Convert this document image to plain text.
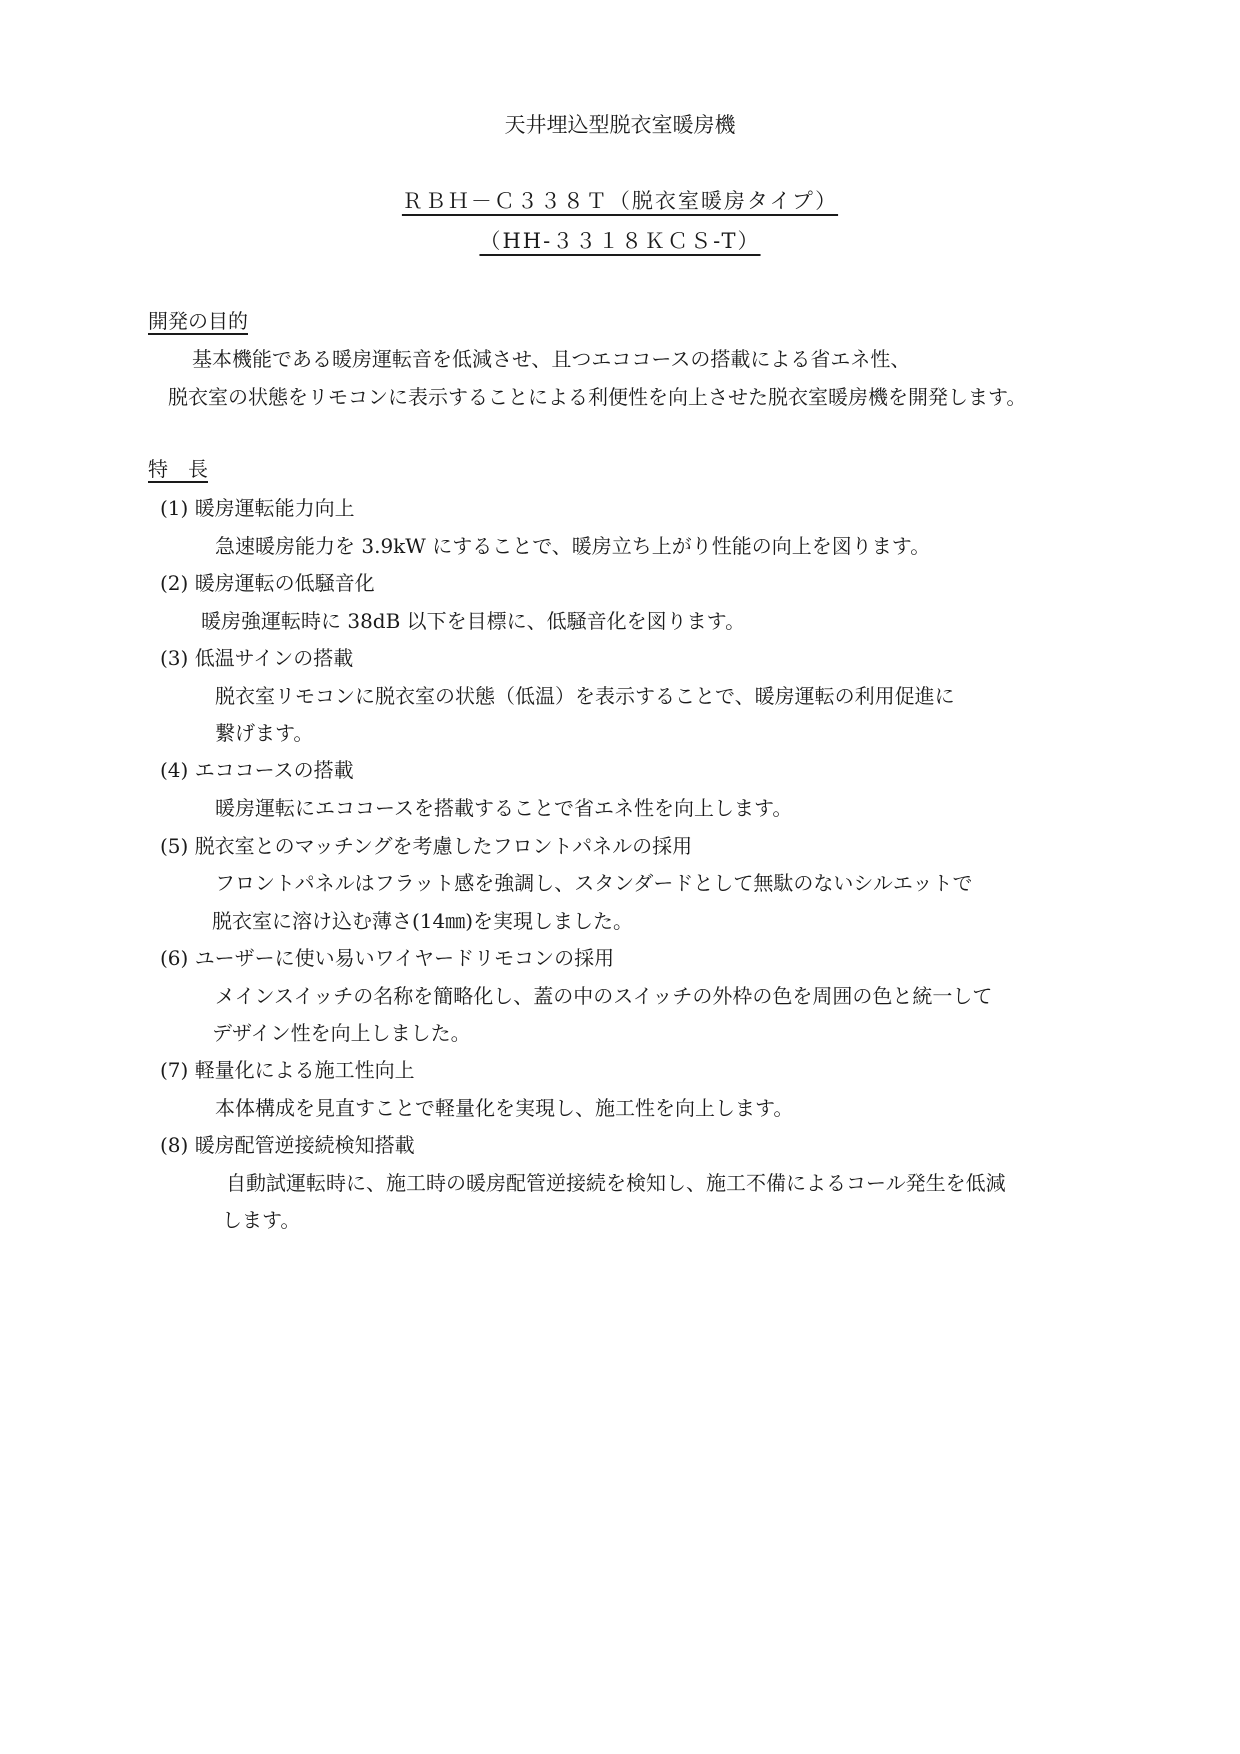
天井埋込型脱衣室暖房機
ＲＢＨ－Ｃ３３８Ｔ（脱衣室暖房タイプ）
（HH-３３１８ＫＣＳ-T）
開発の目的
基本機能である暖房運転音を低減させ、且つエココースの搭載による省エネ性、
脱衣室の状態をリモコンに表示することによる利便性を向上させた脱衣室暖房機を開発します。
特　長
(1) 暖房運転能力向上
急速暖房能力を 3.9kW にすることで、暖房立ち上がり性能の向上を図ります。
(2) 暖房運転の低騒音化
暖房強運転時に 38dB 以下を目標に、低騒音化を図ります。
(3) 低温サインの搭載
脱衣室リモコンに脱衣室の状態（低温）を表示することで、暖房運転の利用促進に
繋げます。
(4) エココースの搭載
暖房運転にエココースを搭載することで省エネ性を向上します。
(5) 脱衣室とのマッチングを考慮したフロントパネルの採用
フロントパネルはフラット感を強調し、スタンダードとして無駄のないシルエットで
脱衣室に溶け込む薄さ(14㎜)を実現しました。
(6) ユーザーに使い易いワイヤードリモコンの採用
メインスイッチの名称を簡略化し、蓋の中のスイッチの外枠の色を周囲の色と統一して
デザイン性を向上しました。
(7) 軽量化による施工性向上
本体構成を見直すことで軽量化を実現し、施工性を向上します。
(8) 暖房配管逆接続検知搭載
自動試運転時に、施工時の暖房配管逆接続を検知し、施工不備によるコール発生を低減
します。
